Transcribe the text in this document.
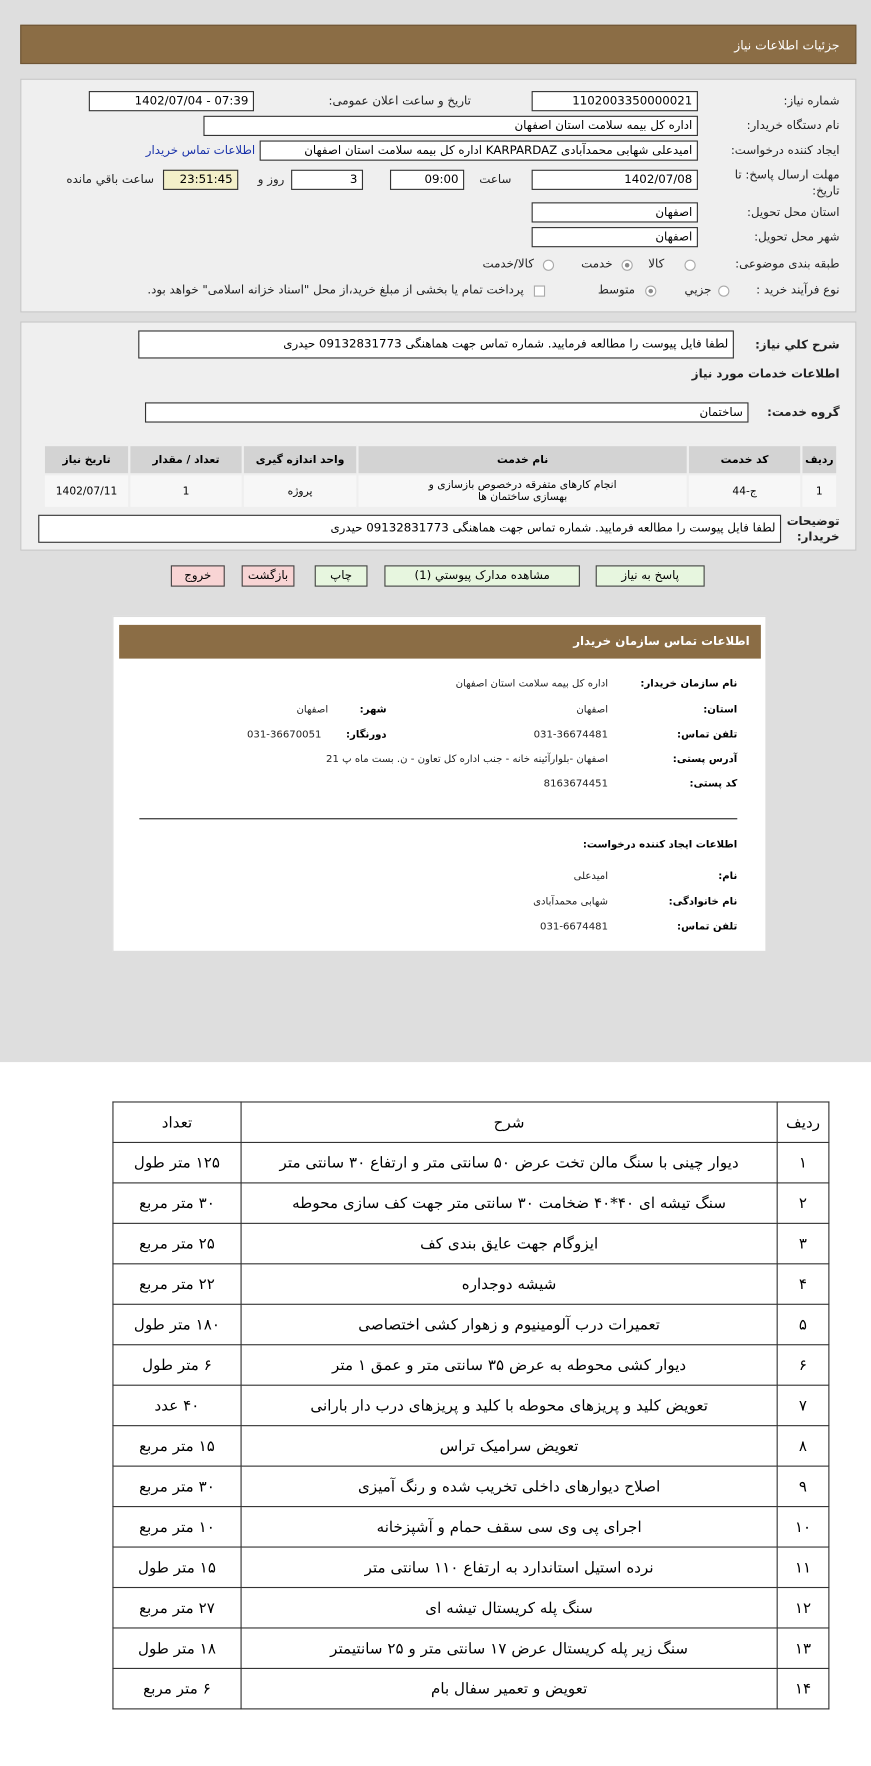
جزئیات اطلاعات نیاز
شماره نیاز:
1102003350000021
تاریخ و ساعت اعلان عمومی:
1402/07/04 - 07:39
نام دستگاه خریدار:
اداره کل بیمه سلامت استان اصفهان
ایجاد کننده درخواست:
امیدعلی شهابی محمدآبادی KARPARDAZ اداره کل بیمه سلامت استان اصفهان
اطلاعات تماس خریدار
مهلت ارسال پاسخ: تا تاریخ:
1402/07/08
ساعت
09:00
3
روز و
23:51:45
ساعت باقي مانده
استان محل تحویل:
اصفهان
شهر محل تحویل:
اصفهان
طبقه بندی موضوعی:
کالا
خدمت
کالا/خدمت
نوع فرآیند خرید :
جزیي
متوسط
پرداخت تمام یا بخشی از مبلغ خرید،از محل "اسناد خزانه اسلامی" خواهد بود.
شرح کلي نیاز:
لطفا فایل پیوست را مطالعه فرمایید. شماره تماس جهت هماهنگی 09132831773 حیدری
اطلاعات خدمات مورد نیاز
گروه خدمت:
ساختمان
ردیف	کد خدمت	نام خدمت	واحد اندازه گیری	تعداد / مقدار	تاریخ نیاز
1	ج-44	انجام کارهای متفرقه درخصوص بازسازی و بهسازی ساختمان ها	پروژه	1	1402/07/11
توضیحات خریدار:
لطفا فایل پیوست را مطالعه فرمایید. شماره تماس جهت هماهنگی 09132831773 حیدری
پاسخ به نیاز
مشاهده مدارک پیوستي (1)
چاپ
بازگشت
خروج
اطلاعات تماس سازمان خریدار
نام سازمان خریدار:
اداره کل بیمه سلامت استان اصفهان
استان:
اصفهان
شهر:
اصفهان
تلفن تماس:
031-36674481
دورنگار:
031-36670051
آدرس پستی:
اصفهان -بلوارآئینه خانه - جنب اداره کل تعاون - ن. بست ماه پ 21
کد پستی:
8163674451
اطلاعات ایجاد کننده درخواست:
نام:
امیدعلی
نام خانوادگی:
شهابی محمدآبادی
تلفن تماس:
031-6674481
ردیف	شرح	تعداد
۱	دیوار چینی با سنگ مالن تخت عرض ۵۰ سانتی متر و ارتفاع ۳۰ سانتی متر	۱۲۵ متر طول
۲	سنگ تیشه ای ۴۰*۴۰ ضخامت ۳۰ سانتی متر جهت کف سازی محوطه	۳۰ متر مربع
۳	ایزوگام جهت عایق بندی کف	۲۵ متر مربع
۴	شیشه دوجداره	۲۲ متر مربع
۵	تعمیرات درب آلومینیوم و زهوار کشی اختصاصی	۱۸۰ متر طول
۶	دیوار کشی محوطه به عرض ۳۵ سانتی متر و عمق ۱ متر	۶ متر طول
۷	تعویض کلید و پریزهای محوطه با کلید و پریزهای درب دار بارانی	۴۰ عدد
۸	تعویض سرامیک تراس	۱۵ متر مربع
۹	اصلاح دیوارهای داخلی تخریب شده و رنگ آمیزی	۳۰ متر مربع
۱۰	اجرای پی وی سی سقف حمام و آشپزخانه	۱۰ متر مربع
۱۱	نرده استیل استاندارد به ارتفاع ۱۱۰ سانتی متر	۱۵ متر طول
۱۲	سنگ پله کریستال تیشه ای	۲۷ متر مربع
۱۳	سنگ زیر پله کریستال عرض ۱۷ سانتی متر و ۲۵ سانتیمتر	۱۸ متر طول
۱۴	تعویض و تعمیر سفال بام	۶ متر مربع
